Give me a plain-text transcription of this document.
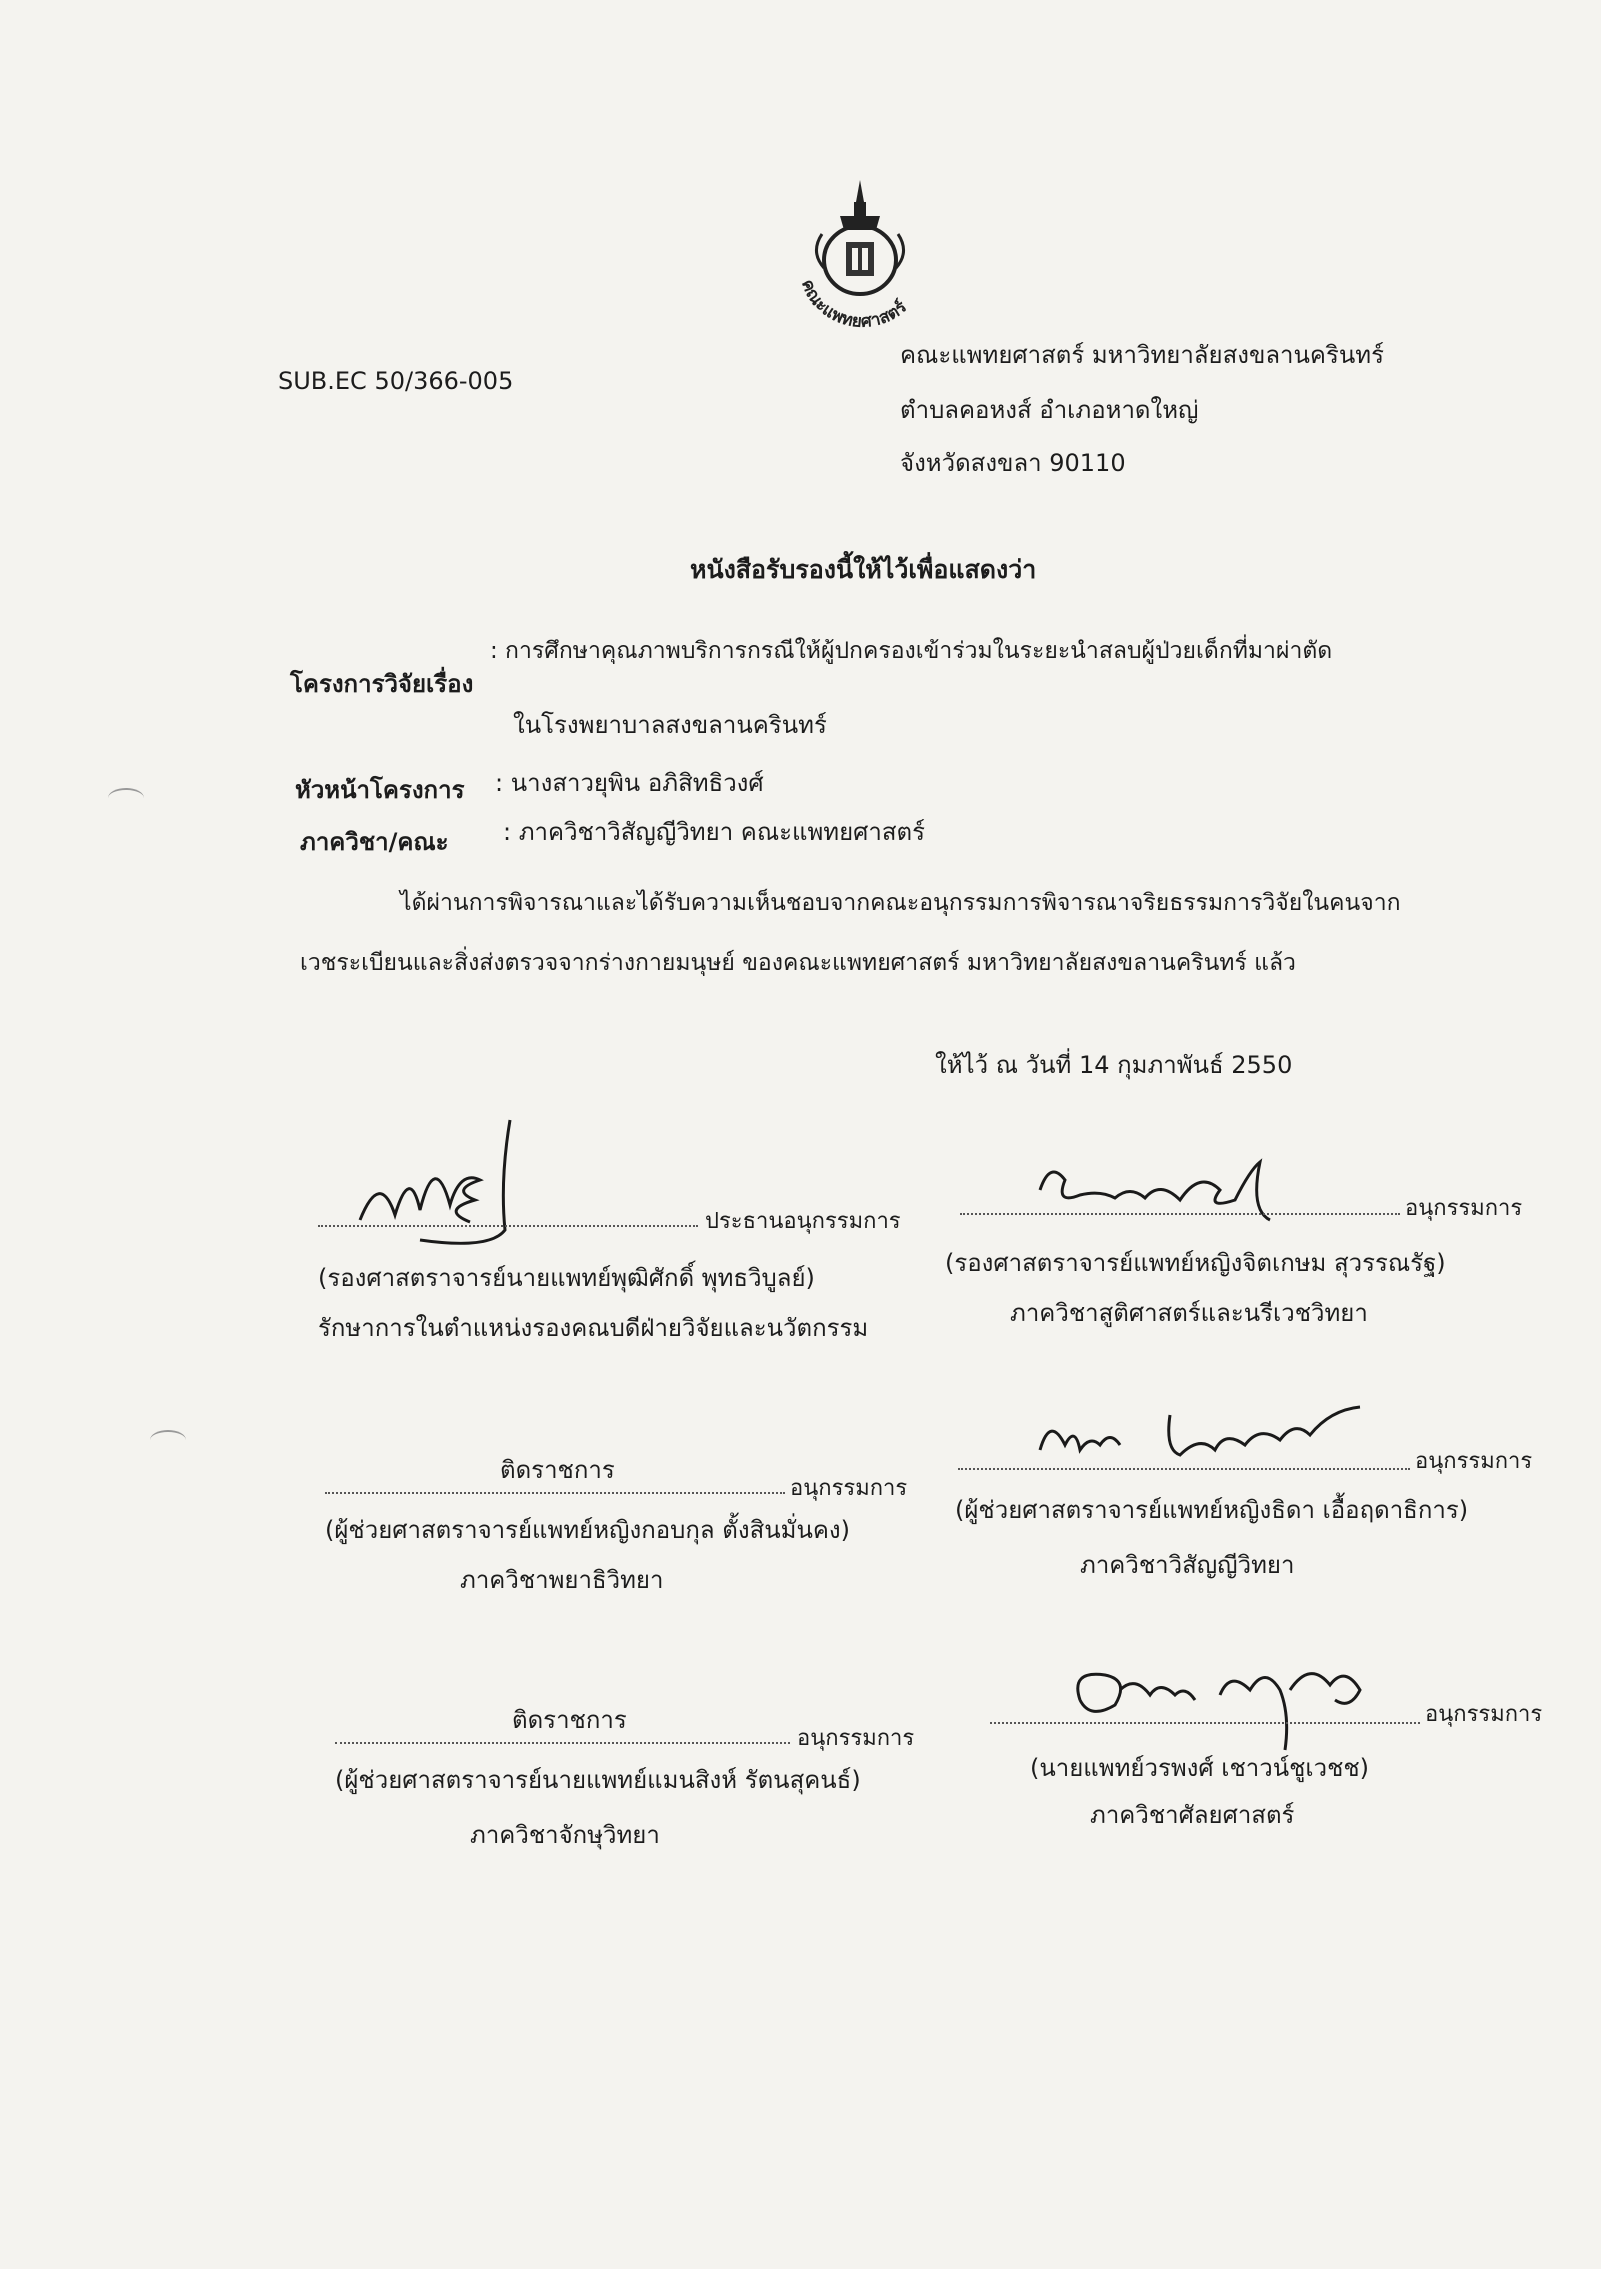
คณะแพทยศาสตร์
SUB.EC 50/366-005
คณะแพทยศาสตร์ มหาวิทยาลัยสงขลานครินทร์
ตำบลคอหงส์ อำเภอหาดใหญ่
จังหวัดสงขลา 90110
หนังสือรับรองนี้ให้ไว้เพื่อแสดงว่า
โครงการวิจัยเรื่อง
: การศึกษาคุณภาพบริการกรณีให้ผู้ปกครองเข้าร่วมในระยะนำสลบผู้ป่วยเด็กที่มาผ่าตัด
ในโรงพยาบาลสงขลานครินทร์
หัวหน้าโครงการ : นางสาวยุพิน อภิสิทธิวงศ์
ภาควิชา/คณะ : ภาควิชาวิสัญญีวิทยา คณะแพทยศาสตร์
ได้ผ่านการพิจารณาและได้รับความเห็นชอบจากคณะอนุกรรมการพิจารณาจริยธรรมการวิจัยในคนจาก
เวชระเบียนและสิ่งส่งตรวจจากร่างกายมนุษย์ ของคณะแพทยศาสตร์ มหาวิทยาลัยสงขลานครินทร์ แล้ว
ให้ไว้ ณ วันที่ 14 กุมภาพันธ์ 2550
ประธานอนุกรรมการ
(รองศาสตราจารย์นายแพทย์พุฒิศักดิ์ พุทธวิบูลย์)
รักษาการในตำแหน่งรองคณบดีฝ่ายวิจัยและนวัตกรรม
อนุกรรมการ
(รองศาสตราจารย์แพทย์หญิงจิตเกษม สุวรรณรัฐ)
ภาควิชาสูติศาสตร์และนรีเวชวิทยา
ติดราชการ
อนุกรรมการ
(ผู้ช่วยศาสตราจารย์แพทย์หญิงกอบกุล ตั้งสินมั่นคง)
ภาควิชาพยาธิวิทยา
อนุกรรมการ
(ผู้ช่วยศาสตราจารย์แพทย์หญิงธิดา เอื้อฤดาธิการ)
ภาควิชาวิสัญญีวิทยา
ติดราชการ
อนุกรรมการ
(ผู้ช่วยศาสตราจารย์นายแพทย์แมนสิงห์ รัตนสุคนธ์)
ภาควิชาจักษุวิทยา
อนุกรรมการ
(นายแพทย์วรพงศ์ เชาวน์ชูเวชช)
ภาควิชาศัลยศาสตร์
